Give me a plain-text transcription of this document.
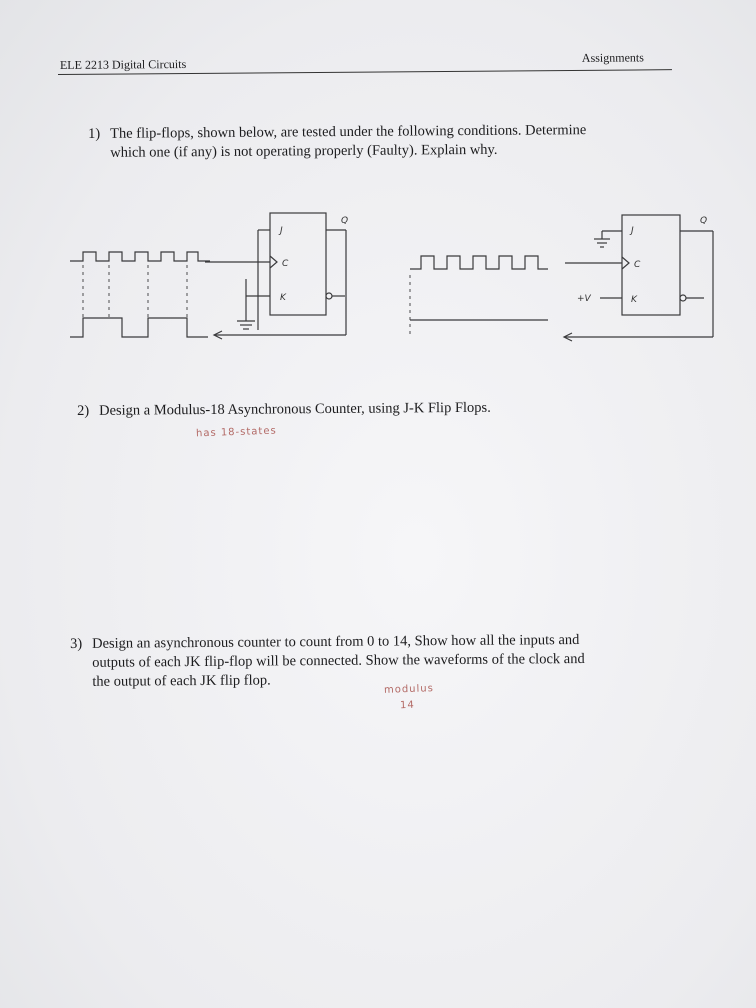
ELE 2213 Digital Circuits	Assignments
1) The flip-flops, shown below, are tested under the following conditions. Determine
which one (if any) is not operating properly (Faulty). Explain why.
J
C
K
Q
J
C
K
Q
+V
2) Design a Modulus-18 Asynchronous Counter, using J-K Flip Flops.
has 18-states
3) Design an asynchronous counter to count from 0 to 14, Show how all the inputs and
outputs of each JK flip-flop will be connected. Show the waveforms of the clock and
the output of each JK flip flop.	modulus
14
